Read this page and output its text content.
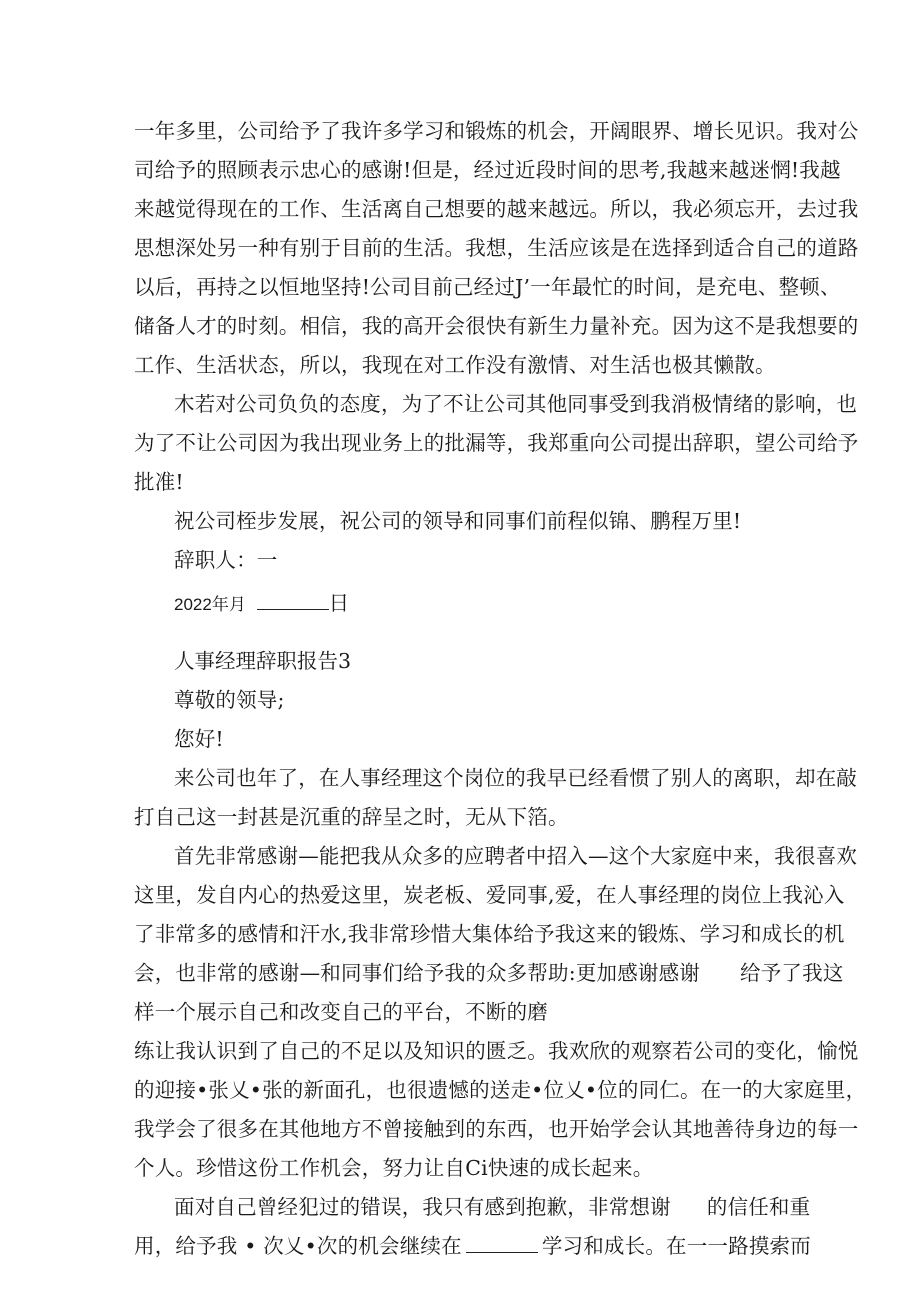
一年多里，公司给予了我许多学习和锻炼的机会，开阔眼界、增长见识。我对公
司给予的照顾表示忠心的感谢!但是，经过近段时间的思考,我越来越迷惘!我越
来越觉得现在的工作、生活离自己想要的越来越远。所以，我必须忘开，去过我
思想深处另一种有别于目前的生活。我想，生活应该是在选择到适合自己的道路
以后，再持之以恒地坚持!公司目前己经过J’一年最忙的时间，是充电、整顿、
储备人才的时刻。相信，我的高开会很快有新生力量补充。因为这不是我想要的
工作、生活状态，所以，我现在对工作没有激情、对生活也极其懒散。
木若对公司负负的态度，为了不让公司其他同事受到我消极情绪的影响，也
为了不让公司因为我出现业务上的批漏等，我郑重向公司提出辞职，望公司给予
批准!
祝公司桎步发展，祝公司的领导和同事们前程似锦、鹏程万里!
辞职人：一
2022年月	日
人事经理辞职报告3
尊敬的领导;
您好!
来公司也年了，在人事经理这个岗位的我早已经看惯了别人的离职，却在敲
打自己这一封甚是沉重的辞呈之时，无从下箔。
首先非常感谢—能把我从众多的应聘者中招入—这个大家庭中来，我很喜欢
这里，发自内心的热爱这里，炭老板、爱同事,爱，在人事经理的岗位上我沁入
了非常多的感情和汗水,我非常珍惜大集体给予我这来的锻炼、学习和成长的机
会，也非常的感谢—和同事们给予我的众多帮助:更加感谢感谢 给予了我这
样一个展示自己和改变自己的平台，不断的磨
练让我认识到了自己的不足以及知识的匮乏。我欢欣的观察若公司的变化，愉悦
的迎接•张乂•张的新面孔，也很遗憾的送走•位乂•位的同仁。在一的大家庭里，
我学会了很多在其他地方不曾接触到的东西，也开始学会认其地善待身边的每一
个人。珍惜这份工作机会，努力让自Ci快速的成长起来。
面对自己曾经犯过的错误，我只有感到抱歉，非常想谢 的信任和重
用，给予我 • 次乂•次的机会继续在	学习和成长。在一一路摸索而
